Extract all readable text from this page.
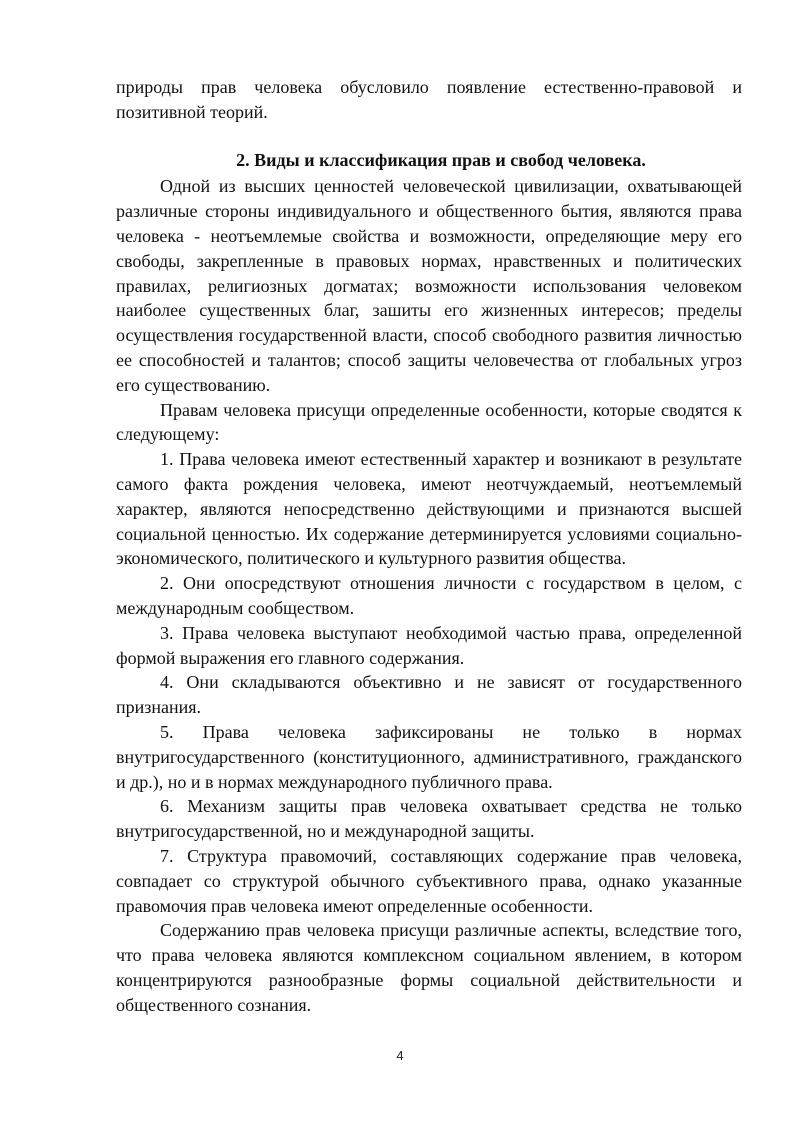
природы прав человека обусловило появление естественно-правовой и позитивной теорий.

2. Виды и классификация прав и свобод человека.

Одной из высших ценностей человеческой цивилизации, охватывающей различные стороны индивидуального и общественного бытия, являются права человека - неотъемлемые свойства и возможности, определяющие меру его свободы, закрепленные в правовых нормах, нравственных и политических правилах, религиозных догматах; возможности использования человеком наиболее существенных благ, зашиты его жизненных интересов; пределы осуществления государственной власти, способ свободного развития личностью ее способностей и талантов; способ защиты человечества от глобальных угроз его существованию.

Правам человека присущи определенные особенности, которые сводятся к следующему:

1. Права человека имеют естественный характер и возникают в результате самого факта рождения человека, имеют неотчуждаемый, неотъемлемый характер, являются непосредственно действующими и признаются высшей социальной ценностью. Их содержание детерминируется условиями социально-экономического, политического и культурного развития общества.

2. Они опосредствуют отношения личности с государством в целом, с международным сообществом.

3. Права человека выступают необходимой частью права, определенной формой выражения его главного содержания.

4. Они складываются объективно и не зависят от государственного признания.

5. Права человека зафиксированы не только в нормах внутригосударственного (конституционного, административного, гражданского и др.), но и в нормах международного публичного права.

6. Механизм защиты прав человека охватывает средства не только внутригосударственной, но и международной защиты.

7. Структура правомочий, составляющих содержание прав человека, совпадает со структурой обычного субъективного права, однако указанные правомочия прав человека имеют определенные особенности.

Содержанию прав человека присущи различные аспекты, вследствие того, что права человека являются комплексном социальном явлением, в котором концентрируются разнообразные формы социальной действительности и общественного сознания.

4
